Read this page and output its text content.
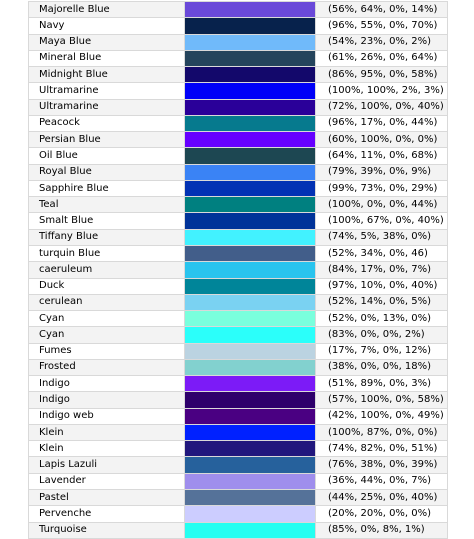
Majorelle Blue		(56%, 64%, 0%, 14%)
Navy		(96%, 55%, 0%, 70%)
Maya Blue		(54%, 23%, 0%, 2%)
Mineral Blue		(61%, 26%, 0%, 64%)
Midnight Blue		(86%, 95%, 0%, 58%)
Ultramarine		(100%, 100%, 2%, 3%)
Ultramarine		(72%, 100%, 0%, 40%)
Peacock		(96%, 17%, 0%, 44%)
Persian Blue		(60%, 100%, 0%, 0%)
Oil Blue		(64%, 11%, 0%, 68%)
Royal Blue		(79%, 39%, 0%, 9%)
Sapphire Blue		(99%, 73%, 0%, 29%)
Teal		(100%, 0%, 0%, 44%)
Smalt Blue		(100%, 67%, 0%, 40%)
Tiffany Blue		(74%, 5%, 38%, 0%)
turquin Blue		(52%, 34%, 0%, 46)
caeruleum		(84%, 17%, 0%, 7%)
Duck		(97%, 10%, 0%, 40%)
cerulean		(52%, 14%, 0%, 5%)
Cyan		(52%, 0%, 13%, 0%)
Cyan		(83%, 0%, 0%, 2%)
Fumes		(17%, 7%, 0%, 12%)
Frosted		(38%, 0%, 0%, 18%)
Indigo		(51%, 89%, 0%, 3%)
Indigo		(57%, 100%, 0%, 58%)
Indigo web		(42%, 100%, 0%, 49%)
Klein		(100%, 87%, 0%, 0%)
Klein		(74%, 82%, 0%, 51%)
Lapis Lazuli		(76%, 38%, 0%, 39%)
Lavender		(36%, 44%, 0%, 7%)
Pastel		(44%, 25%, 0%, 40%)
Pervenche		(20%, 20%, 0%, 0%)
Turquoise		(85%, 0%, 8%, 1%)
